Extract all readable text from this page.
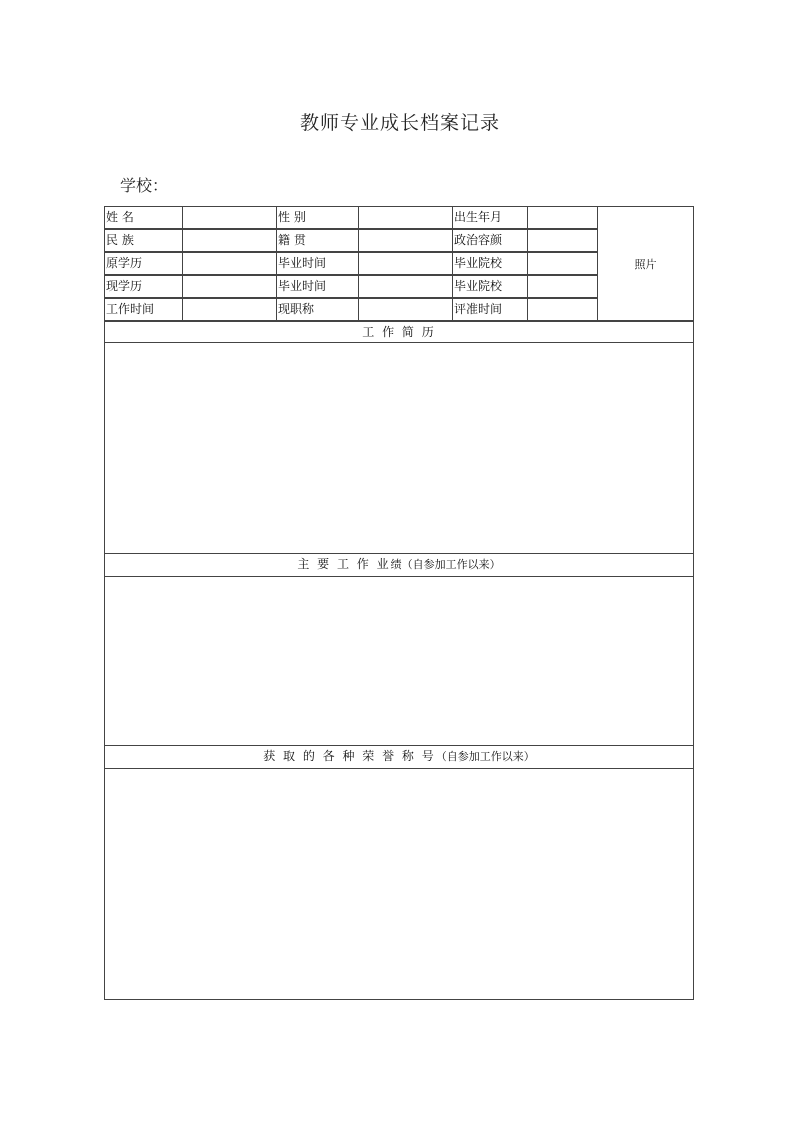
教师专业成长档案记录
学校：
姓 名	性 别	出生年月
民 族	籍 贯	政治容颜
原学历	毕业时间	毕业院校
现学历	毕业时间	毕业院校
工作时间	现职称	评准时间
照片
工 作 简 历
主 要 工 作 业绩（自参加工作以来）
获 取 的 各 种 荣 誉 称 号（自参加工作以来）
